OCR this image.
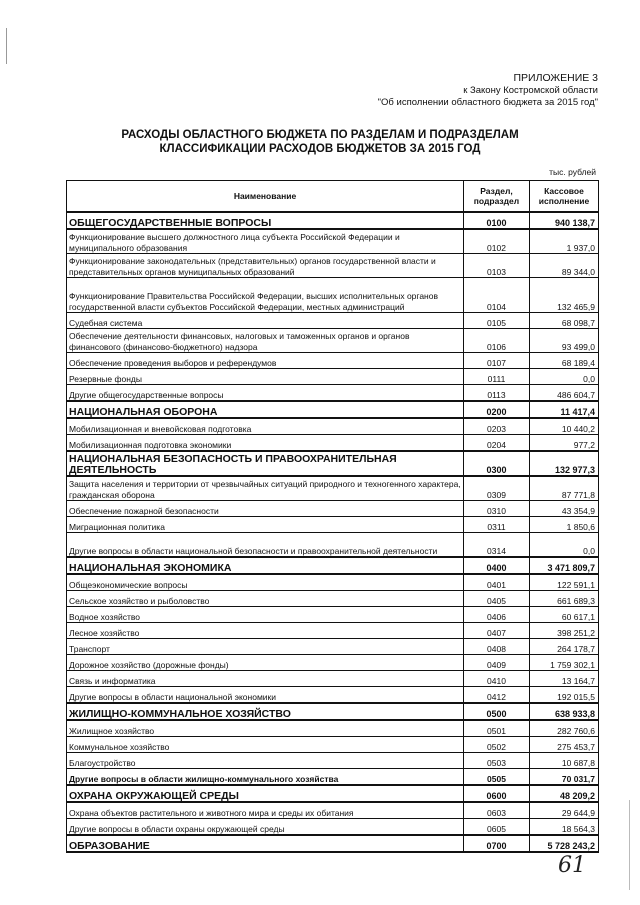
ПРИЛОЖЕНИЕ 3
к Закону Костромской области
"Об исполнении областного бюджета за 2015 год"
РАСХОДЫ ОБЛАСТНОГО БЮДЖЕТА ПО РАЗДЕЛАМ И ПОДРАЗДЕЛАМ
КЛАССИФИКАЦИИ РАСХОДОВ БЮДЖЕТОВ ЗА 2015 ГОД
тыс. рублей
Наименование	Раздел, подраздел	Кассовое исполнение
ОБЩЕГОСУДАРСТВЕННЫЕ ВОПРОСЫ	0100	940 138,7
Функционирование высшего должностного лица субъекта Российской Федерации и муниципального образования	0102	1 937,0
Функционирование законодательных (представительных) органов государственной власти и представительных органов муниципальных образований	0103	89 344,0
Функционирование Правительства Российской Федерации, высших исполнительных органов государственной власти субъектов Российской Федерации, местных администраций	0104	132 465,9
Судебная система	0105	68 098,7
Обеспечение деятельности финансовых, налоговых и таможенных органов и органов финансового (финансово-бюджетного) надзора	0106	93 499,0
Обеспечение проведения выборов и референдумов	0107	68 189,4
Резервные фонды	0111	0,0
Другие общегосударственные вопросы	0113	486 604,7
НАЦИОНАЛЬНАЯ ОБОРОНА	0200	11 417,4
Мобилизационная и вневойсковая подготовка	0203	10 440,2
Мобилизационная подготовка экономики	0204	977,2
НАЦИОНАЛЬНАЯ БЕЗОПАСНОСТЬ И ПРАВООХРАНИТЕЛЬНАЯ ДЕЯТЕЛЬНОСТЬ	0300	132 977,3
Защита населения и территории от чрезвычайных ситуаций природного и техногенного характера, гражданская оборона	0309	87 771,8
Обеспечение пожарной безопасности	0310	43 354,9
Миграционная политика	0311	1 850,6
Другие вопросы в области национальной безопасности и правоохранительной деятельности	0314	0,0
НАЦИОНАЛЬНАЯ ЭКОНОМИКА	0400	3 471 809,7
Общеэкономические вопросы	0401	122 591,1
Сельское хозяйство и рыболовство	0405	661 689,3
Водное хозяйство	0406	60 617,1
Лесное хозяйство	0407	398 251,2
Транспорт	0408	264 178,7
Дорожное хозяйство (дорожные фонды)	0409	1 759 302,1
Связь и информатика	0410	13 164,7
Другие вопросы в области национальной экономики	0412	192 015,5
ЖИЛИЩНО-КОММУНАЛЬНОЕ ХОЗЯЙСТВО	0500	638 933,8
Жилищное хозяйство	0501	282 760,6
Коммунальное хозяйство	0502	275 453,7
Благоустройство	0503	10 687,8
Другие вопросы в области жилищно-коммунального хозяйства	0505	70 031,7
ОХРАНА ОКРУЖАЮЩЕЙ СРЕДЫ	0600	48 209,2
Охрана объектов растительного и животного мира и среды их обитания	0603	29 644,9
Другие вопросы в области охраны окружающей среды	0605	18 564,3
ОБРАЗОВАНИЕ	0700	5 728 243,2
61
